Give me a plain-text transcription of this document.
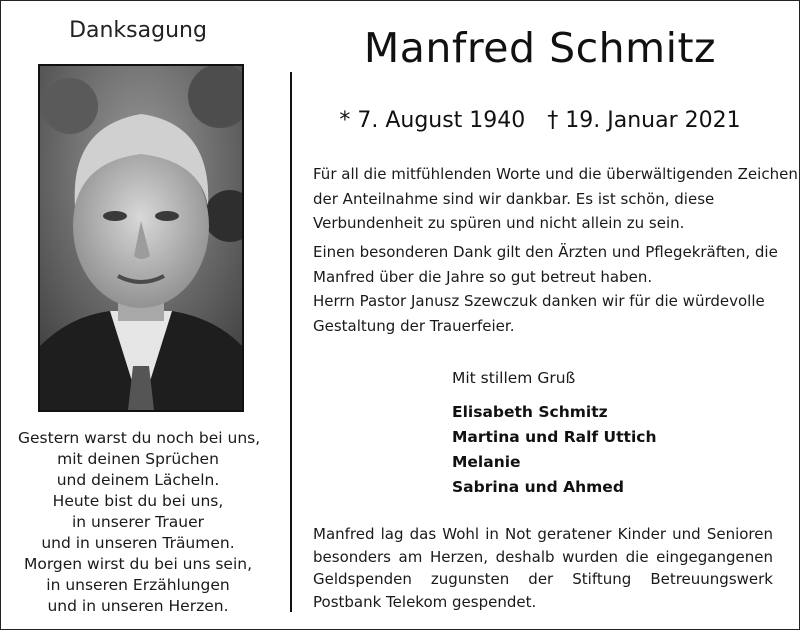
Danksagung
Gestern warst du noch bei uns,
mit deinen Sprüchen
und deinem Lächeln.
Heute bist du bei uns,
in unserer Trauer
und in unseren Träumen.
Morgen wirst du bei uns sein,
in unseren Erzählungen
und in unseren Herzen.
Manfred Schmitz
* 7. August 1940 † 19. Januar 2021
Für all die mitfühlenden Worte und die überwältigenden Zeichen
der Anteilnahme sind wir dankbar. Es ist schön, diese
Verbundenheit zu spüren und nicht allein zu sein.
Einen besonderen Dank gilt den Ärzten und Pflegekräften, die
Manfred über die Jahre so gut betreut haben.
Herrn Pastor Janusz Szewczuk danken wir für die würdevolle
Gestaltung der Trauerfeier.
Mit stillem Gruß
Elisabeth Schmitz
Martina und Ralf Uttich
Melanie
Sabrina und Ahmed
Manfred lag das Wohl in Not geratener Kinder und Senioren besonders am Herzen, deshalb wurden die eingegangenen Geldspenden zugunsten der Stiftung Betreuungswerk Postbank Telekom gespendet.
